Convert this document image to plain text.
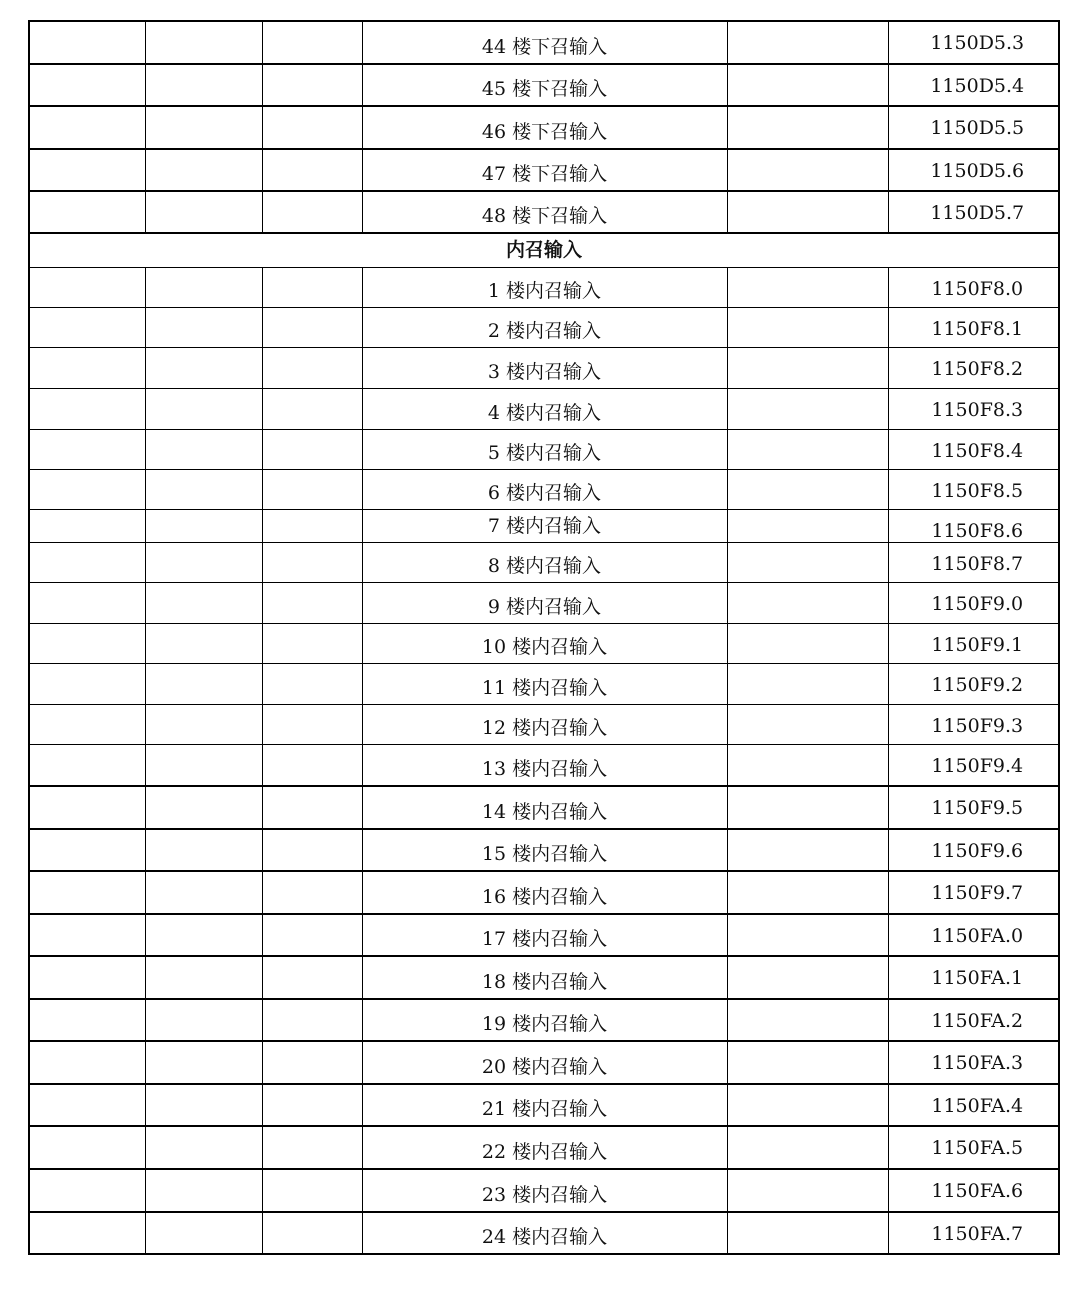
			44 楼下召输入		1150D5.3
			45 楼下召输入		1150D5.4
			46 楼下召输入		1150D5.5
			47 楼下召输入		1150D5.6
			48 楼下召输入		1150D5.7
内召输入					
			1 楼内召输入		1150F8.0
			2 楼内召输入		1150F8.1
			3 楼内召输入		1150F8.2
			4 楼内召输入		1150F8.3
			5 楼内召输入		1150F8.4
			6 楼内召输入		1150F8.5
			7 楼内召输入		1150F8.6
			8 楼内召输入		1150F8.7
			9 楼内召输入		1150F9.0
			10 楼内召输入		1150F9.1
			11 楼内召输入		1150F9.2
			12 楼内召输入		1150F9.3
			13 楼内召输入		1150F9.4
			14 楼内召输入		1150F9.5
			15 楼内召输入		1150F9.6
			16 楼内召输入		1150F9.7
			17 楼内召输入		1150FA.0
			18 楼内召输入		1150FA.1
			19 楼内召输入		1150FA.2
			20 楼内召输入		1150FA.3
			21 楼内召输入		1150FA.4
			22 楼内召输入		1150FA.5
			23 楼内召输入		1150FA.6
			24 楼内召输入		1150FA.7
